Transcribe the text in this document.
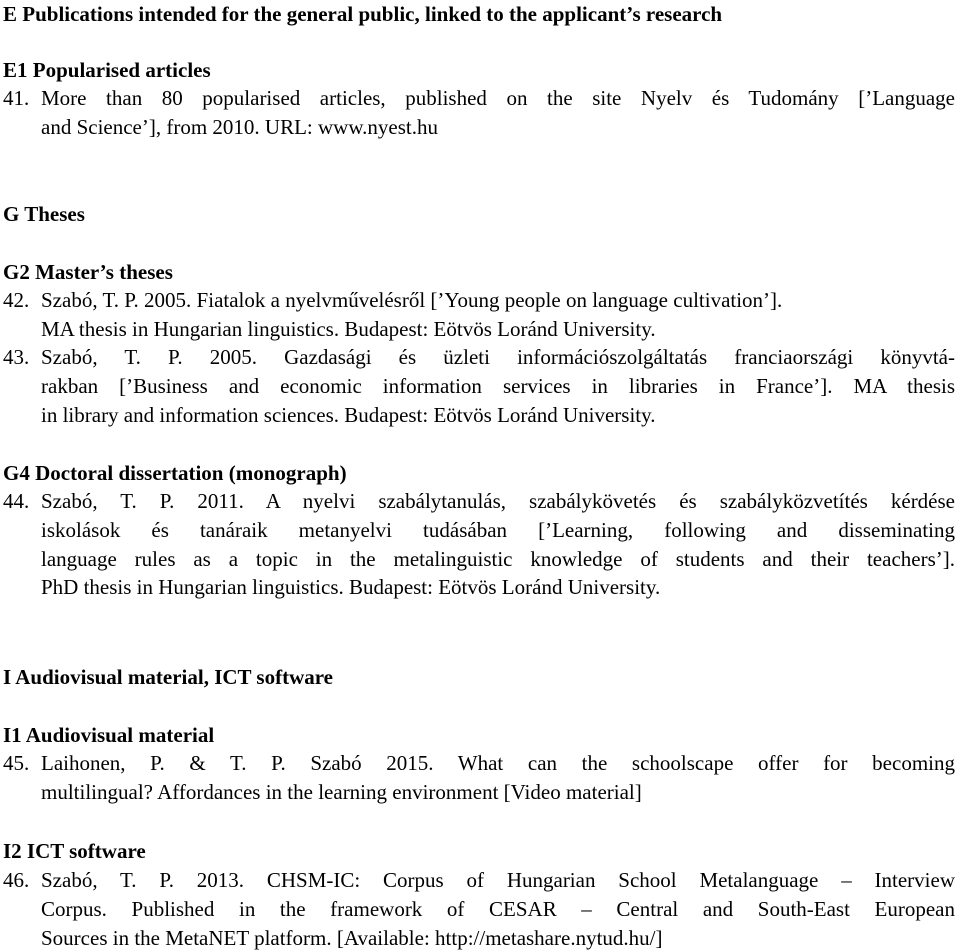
E Publications intended for the general public, linked to the applicant’s research
E1 Popularised articles
41. More than 80 popularised articles, published on the site Nyelv és Tudomány [’Language
and Science’], from 2010. URL: www.nyest.hu
G Theses
G2 Master’s theses
42. Szabó, T. P. 2005. Fiatalok a nyelvművelésről [’Young people on language cultivation’].
MA thesis in Hungarian linguistics. Budapest: Eötvös Loránd University.
43. Szabó, T. P. 2005. Gazdasági és üzleti információszolgáltatás franciaországi könyvtá-
rakban [’Business and economic information services in libraries in France’]. MA thesis
in library and information sciences. Budapest: Eötvös Loránd University.
G4 Doctoral dissertation (monograph)
44. Szabó, T. P. 2011. A nyelvi szabálytanulás, szabálykövetés és szabályközvetítés kérdése
iskolások és tanáraik metanyelvi tudásában [’Learning, following and disseminating
language rules as a topic in the metalinguistic knowledge of students and their teachers’].
PhD thesis in Hungarian linguistics. Budapest: Eötvös Loránd University.
I Audiovisual material, ICT software
I1 Audiovisual material
45. Laihonen, P. & T. P. Szabó 2015. What can the schoolscape offer for becoming
multilingual? Affordances in the learning environment [Video material]
I2 ICT software
46. Szabó, T. P. 2013. CHSM-IC: Corpus of Hungarian School Metalanguage – Interview
Corpus. Published in the framework of CESAR – Central and South-East European
Sources in the MetaNET platform. [Available: http://metashare.nytud.hu/]
